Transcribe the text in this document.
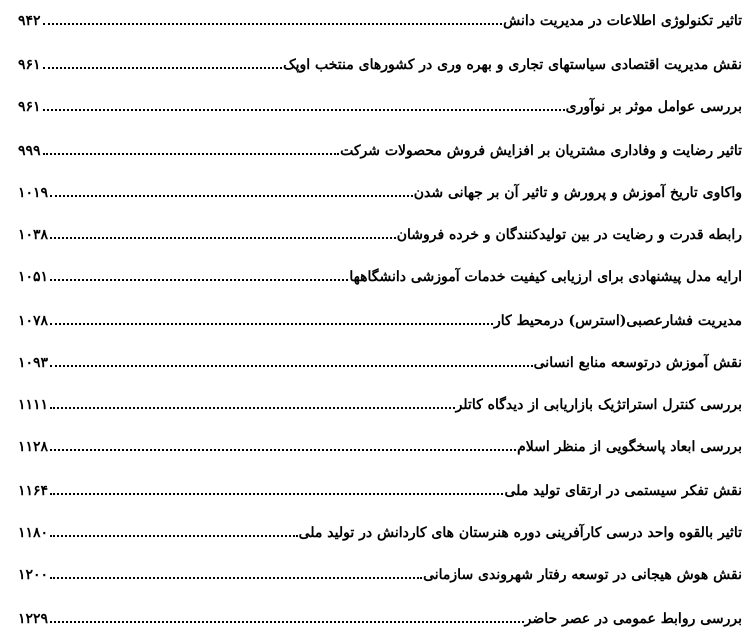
۹۴۲	تاثیر تکنولوژی اطلاعات در مدیریت دانش
۹۶۱	نقش مدیریت اقتصادی سیاستهای تجاری و بهره وری در کشورهای منتخب اوپک
۹۶۱	بررسی عوامل موثر بر نوآوری
۹۹۹	تاثیر رضایت و وفاداری مشتریان بر افزایش فروش محصولات شرکت
۱۰۱۹	واکاوی تاریخ آموزش و پرورش و تاثیر آن بر جهانی شدن
۱۰۳۸	رابطه قدرت و رضایت در بین تولیدکنندگان و خرده فروشان
۱۰۵۱	ارایه مدل پیشنهادی برای ارزیابی کیفیت خدمات آموزشی دانشگاهها
۱۰۷۸	مدیریت فشارعصبی(استرس) درمحیط کار
۱۰۹۳	نقش آموزش درتوسعه منابع انسانی
۱۱۱۱	بررسی کنترل استراتژیک بازاریابی از دیدگاه کاتلر
۱۱۲۸	بررسی ابعاد پاسخگویی از منظر اسلام
۱۱۶۴	نقش تفکر سیستمی در ارتقای تولید ملی
۱۱۸۰	تاثیر بالقوه واحد درسی کارآفرینی دوره هنرستان های کاردانش در تولید ملی
۱۲۰۰	نقش هوش هیجانی در توسعه رفتار شهروندی سازمانی
۱۲۲۹	بررسی روابط عمومی در عصر حاضر
